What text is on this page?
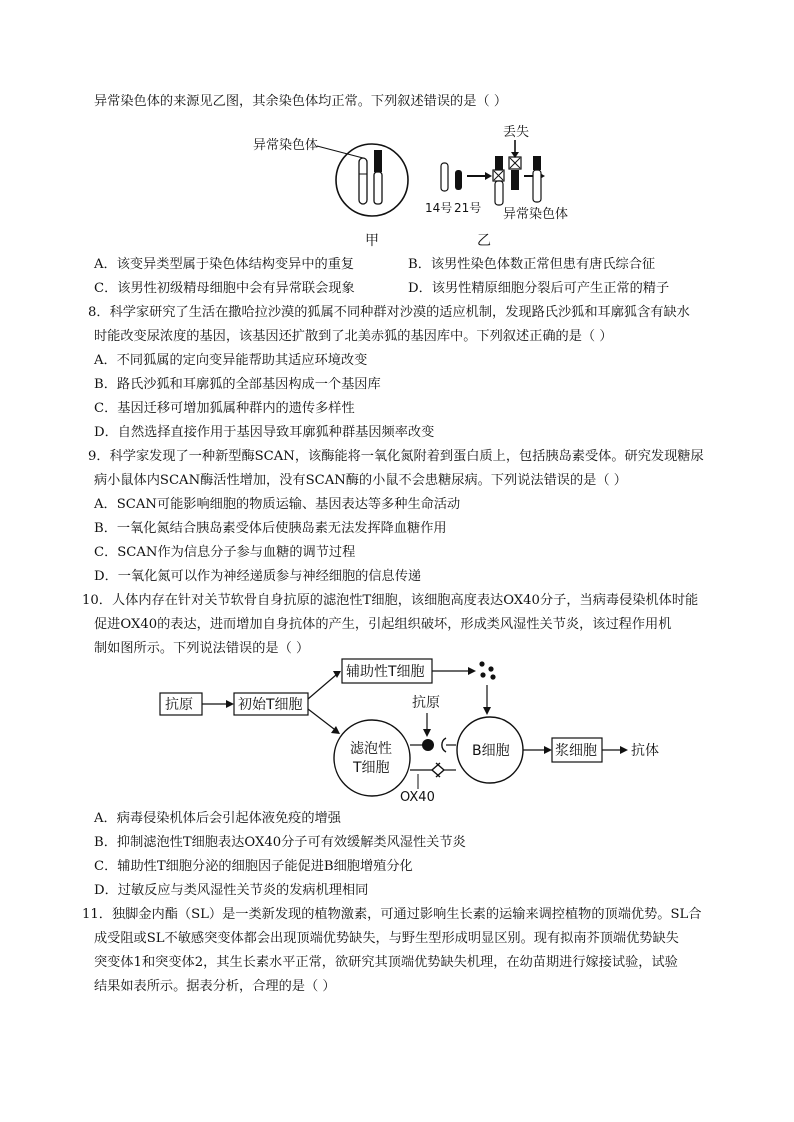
异常染色体的来源见乙图，其余染色体均正常。下列叙述错误的是（ ）
异常染色体
甲
丢失
14号 21号 异常染色体
乙
A．该变异类型属于染色体结构变异中的重复	B．该男性染色体数正常但患有唐氏综合征
C．该男性初级精母细胞中会有异常联会现象	D．该男性精原细胞分裂后可产生正常的精子
8．科学家研究了生活在撒哈拉沙漠的狐属不同种群对沙漠的适应机制，发现路氏沙狐和耳廓狐含有缺水
时能改变尿浓度的基因，该基因还扩散到了北美赤狐的基因库中。下列叙述正确的是（ ）
A．不同狐属的定向变异能帮助其适应环境改变
B．路氏沙狐和耳廓狐的全部基因构成一个基因库
C．基因迁移可增加狐属种群内的遗传多样性
D．自然选择直接作用于基因导致耳廓狐种群基因频率改变
9．科学家发现了一种新型酶SCAN，该酶能将一氧化氮附着到蛋白质上，包括胰岛素受体。研究发现糖尿
病小鼠体内SCAN酶活性增加，没有SCAN酶的小鼠不会患糖尿病。下列说法错误的是（ ）
A．SCAN可能影响细胞的物质运输、基因表达等多种生命活动
B．一氧化氮结合胰岛素受体后使胰岛素无法发挥降血糖作用
C．SCAN作为信息分子参与血糖的调节过程
D．一氧化氮可以作为神经递质参与神经细胞的信息传递
10．人体内存在针对关节软骨自身抗原的滤泡性T细胞，该细胞高度表达OX40分子，当病毒侵染机体时能
促进OX40的表达，进而增加自身抗体的产生，引起组织破坏，形成类风湿性关节炎，该过程作用机
制如图所示。下列说法错误的是（ ）
抗原	初始T细胞
辅助性T细胞
滤泡性
T细胞
抗原
OX40
B细胞	浆细胞 抗体
A．病毒侵染机体后会引起体液免疫的增强
B．抑制滤泡性T细胞表达OX40分子可有效缓解类风湿性关节炎
C．辅助性T细胞分泌的细胞因子能促进B细胞增殖分化
D．过敏反应与类风湿性关节炎的发病机理相同
11．独脚金内酯（SL）是一类新发现的植物激素，可通过影响生长素的运输来调控植物的顶端优势。SL合
成受阻或SL不敏感突变体都会出现顶端优势缺失，与野生型形成明显区别。现有拟南芥顶端优势缺失
突变体1和突变体2，其生长素水平正常，欲研究其顶端优势缺失机理，在幼苗期进行嫁接试验，试验
结果如表所示。据表分析，合理的是（ ）
